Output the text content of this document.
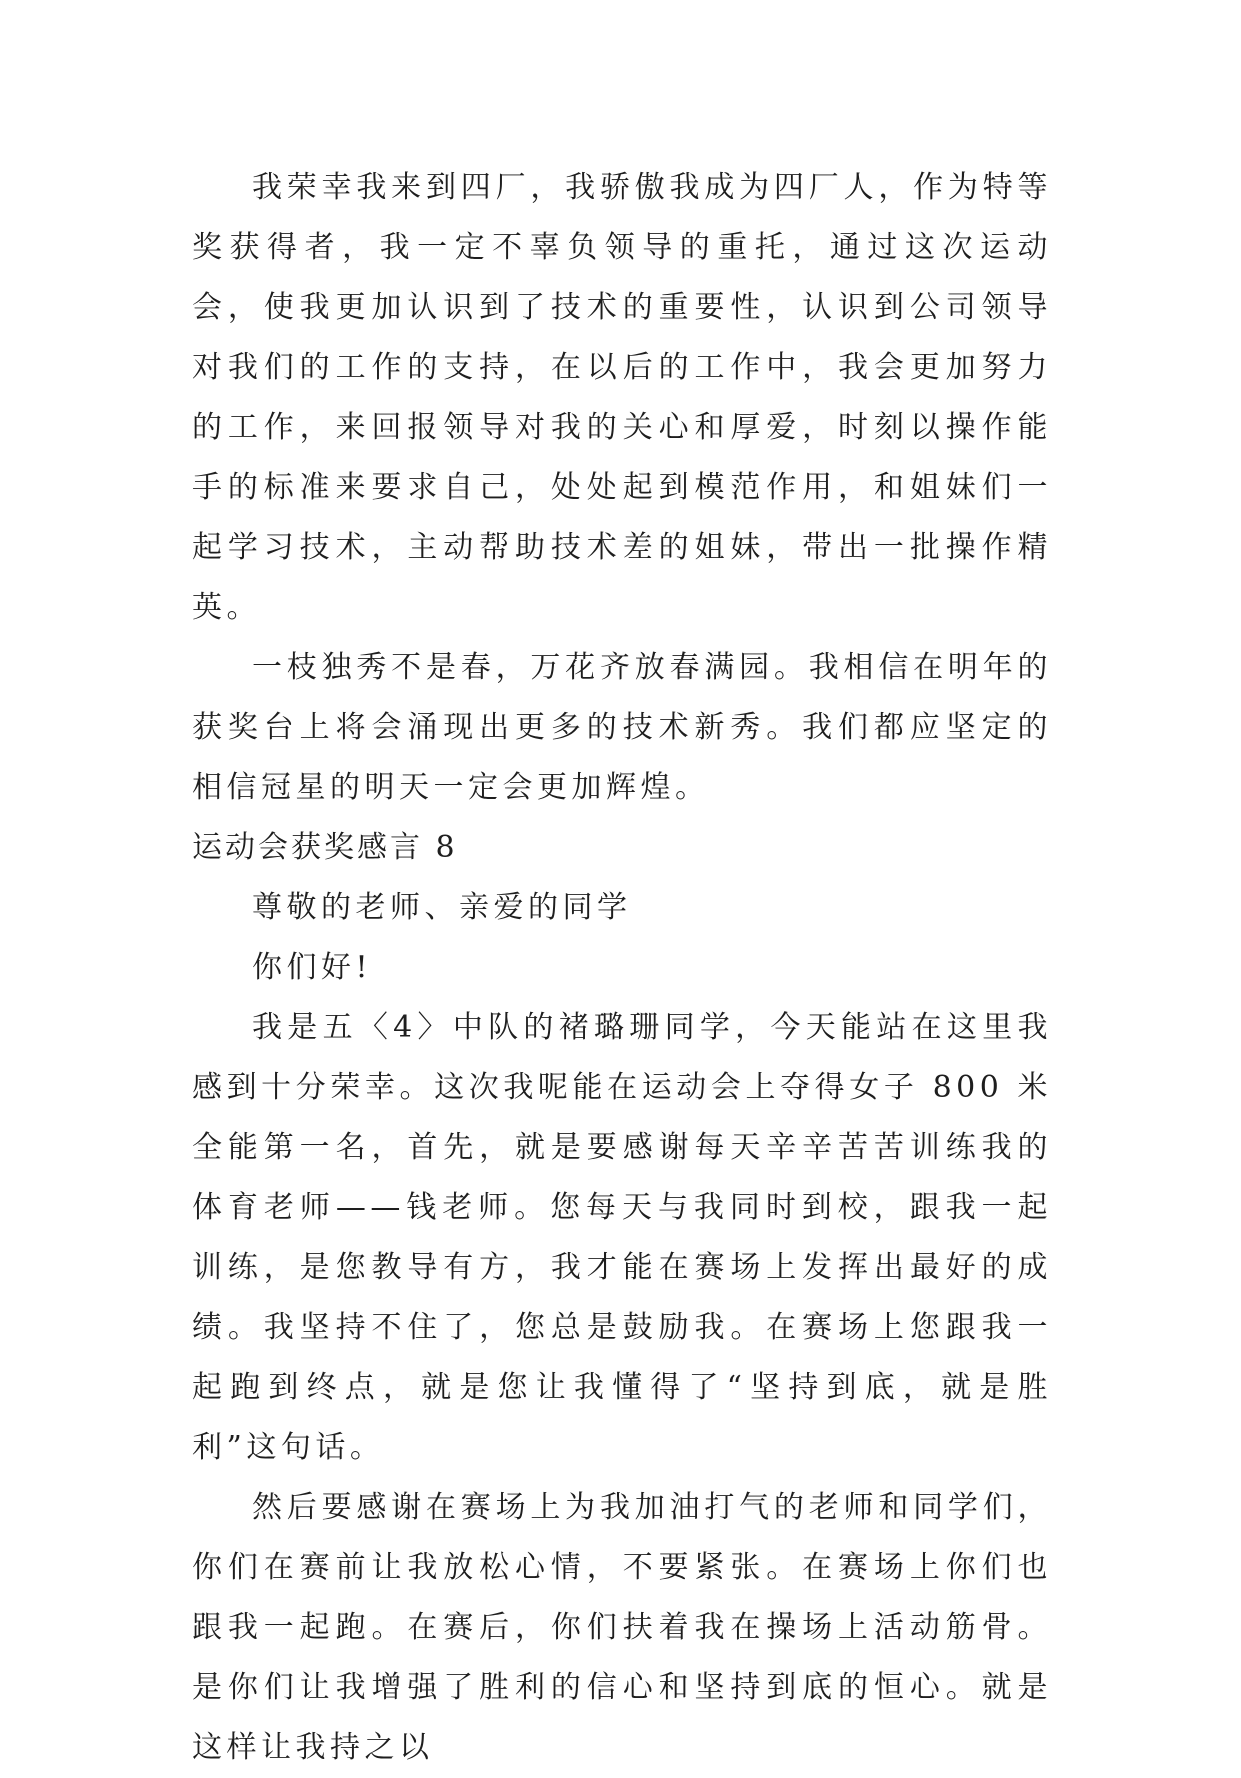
我荣幸我来到四厂，我骄傲我成为四厂人，作为特等奖获得者，我一定不辜负领导的重托，通过这次运动会，使我更加认识到了技术的重要性，认识到公司领导对我们的工作的支持，在以后的工作中，我会更加努力的工作，来回报领导对我的关心和厚爱，时刻以操作能手的标准来要求自己，处处起到模范作用，和姐妹们一起学习技术，主动帮助技术差的姐妹，带出一批操作精英。

一枝独秀不是春，万花齐放春满园。我相信在明年的获奖台上将会涌现出更多的技术新秀。我们都应坚定的相信冠星的明天一定会更加辉煌。

运动会获奖感言 8

尊敬的老师、亲爱的同学

你们好!

我是五〈4〉中队的褚璐珊同学，今天能站在这里我感到十分荣幸。这次我呢能在运动会上夺得女子 800 米全能第一名，首先，就是要感谢每天辛辛苦苦训练我的体育老师——钱老师。您每天与我同时到校，跟我一起训练，是您教导有方，我才能在赛场上发挥出最好的成绩。我坚持不住了，您总是鼓励我。在赛场上您跟我一起跑到终点，就是您让我懂得了“坚持到底，就是胜利”这句话。

然后要感谢在赛场上为我加油打气的老师和同学们，你们在赛前让我放松心情，不要紧张。在赛场上你们也跟我一起跑。在赛后，你们扶着我在操场上活动筋骨。是你们让我增强了胜利的信心和坚持到底的恒心。就是这样让我持之以
